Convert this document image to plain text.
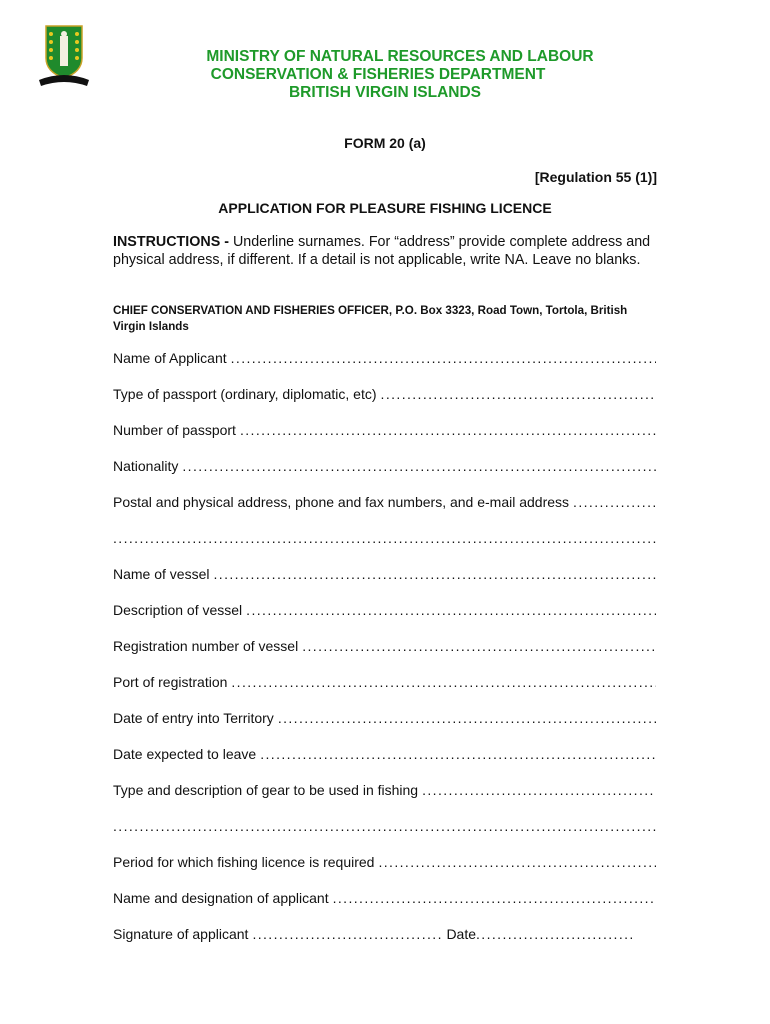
MINISTRY OF NATURAL RESOURCES AND LABOUR
CONSERVATION & FISHERIES DEPARTMENT
BRITISH VIRGIN ISLANDS
FORM 20 (a)
[Regulation 55 (1)]
APPLICATION FOR PLEASURE FISHING LICENCE
INSTRUCTIONS - Underline surnames. For “address” provide complete address and physical address, if different. If a detail is not applicable, write NA. Leave no blanks.
CHIEF CONSERVATION AND FISHERIES OFFICER, P.O. Box 3323, Road Town, Tortola, British Virgin Islands
Name of Applicant
.....
Type of passport (ordinary, diplomatic, etc)
.....
Number of passport
.....
Nationality
.....
Postal and physical address, phone and fax numbers, and e-mail address
.....
.....
Name of vessel
.....
Description of vessel
.....
Registration number of vessel
.....
Port of registration
.....
Date of entry into Territory
.....
Date expected to leave
.....
Type and description of gear to be used in fishing
.....
.....
Period for which fishing licence is required
.....
Name and designation of applicant
.....
Signature of applicant .....	Date
.....
